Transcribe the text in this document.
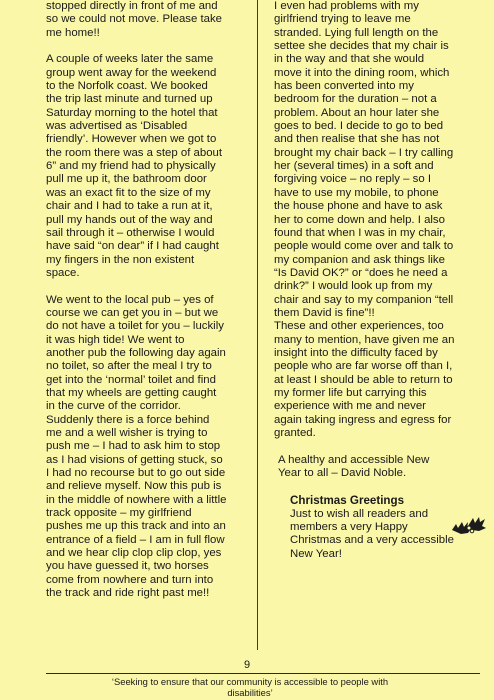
stopped directly in front of me and
so we could not move. Please take
me home!!

A couple of weeks later the same
group went away for the weekend
to the Norfolk coast. We booked
the trip last minute and turned up
Saturday morning to the hotel that
was advertised as ‘Disabled
friendly’. However when we got to
the room there was a step of about
6” and my friend had to physically
pull me up it, the bathroom door
was an exact fit to the size of my
chair and I had to take a run at it,
pull my hands out of the way and
sail through it – otherwise I would
have said “on dear” if I had caught
my fingers in the non existent
space.

We went to the local pub – yes of
course we can get you in – but we
do not have a toilet for you – luckily
it was high tide! We went to
another pub the following day again
no toilet, so after the meal I try to
get into the ‘normal’ toilet and find
that my wheels are getting caught
in the curve of the corridor.
Suddenly there is a force behind
me and a well wisher is trying to
push me – I had to ask him to stop
as I had visions of getting stuck, so
I had no recourse but to go out side
and relieve myself. Now this pub is
in the middle of nowhere with a little
track opposite – my girlfriend
pushes me up this track and into an
entrance of a field – I am in full flow
and we hear clip clop clip clop, yes
you have guessed it, two horses
come from nowhere and turn into
the track and ride right past me!!

I even had problems with my
girlfriend trying to leave me
stranded. Lying full length on the
settee she decides that my chair is
in the way and that she would
move it into the dining room, which
has been converted into my
bedroom for the duration – not a
problem. About an hour later she
goes to bed. I decide to go to bed
and then realise that she has not
brought my chair back – I try calling
her (several times) in a soft and
forgiving voice – no reply – so I
have to use my mobile, to phone
the house phone and have to ask
her to come down and help. I also
found that when I was in my chair,
people would come over and talk to
my companion and ask things like
“Is David OK?” or “does he need a
drink?” I would look up from my
chair and say to my companion “tell
them David is fine”!!

These and other experiences, too
many to mention, have given me an
insight into the difficulty faced by
people who are far worse off than I,
at least I should be able to return to
my former life but carrying this
experience with me and never
again taking ingress and egress for
granted.

A healthy and accessible New
Year to all – David Noble.

Christmas Greetings

Just to wish all readers and
members a very Happy
Christmas and a very accessible
New Year!

9
‘Seeking to ensure that our community is accessible to people with
disabilities’
